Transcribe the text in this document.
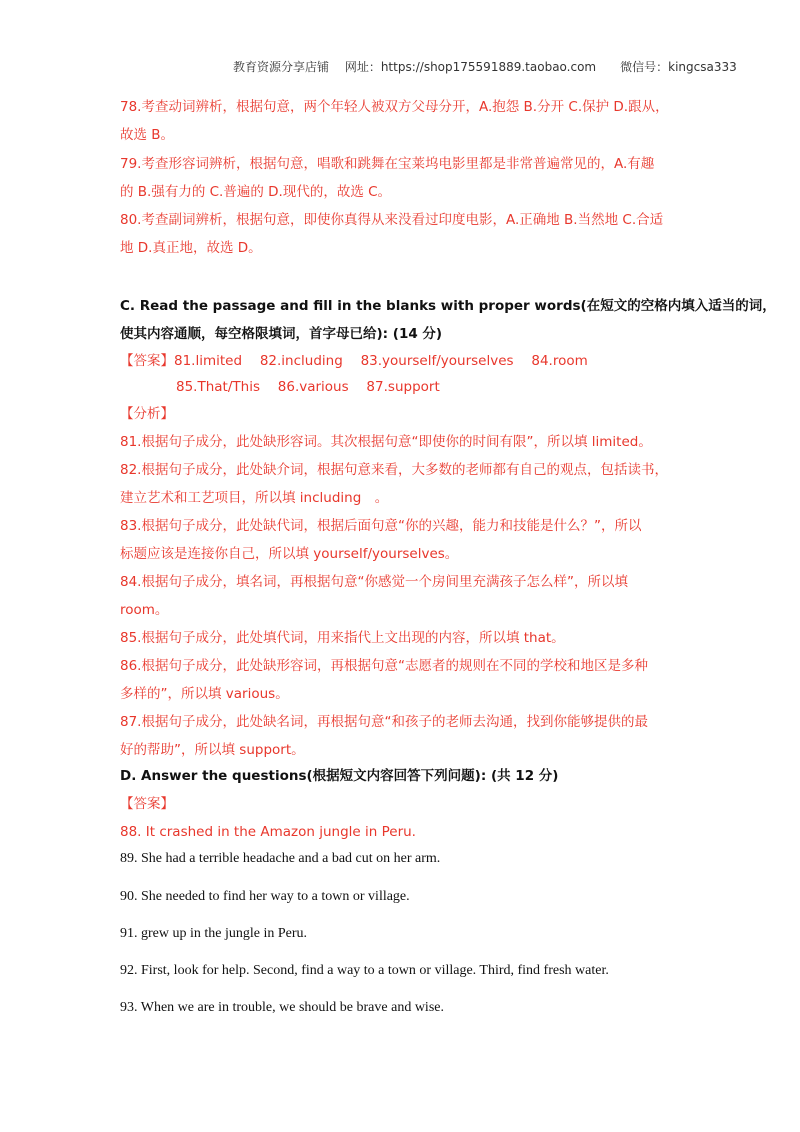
教育资源分享店铺　 网址：https://shop175591889.taobao.com　　微信号：kingcsa333
78.考查动词辨析，根据句意，两个年轻人被双方父母分开，A.抱怨 B.分开 C.保护 D.跟从，
故选 B。
79.考查形容词辨析，根据句意，唱歌和跳舞在宝莱坞电影里都是非常普遍常见的，A.有趣
的 B.强有力的 C.普遍的 D.现代的，故选 C。
80.考查副词辨析，根据句意，即使你真得从来没看过印度电影，A.正确地 B.当然地 C.合适
地 D.真正地，故选 D。
C. Read the passage and fill in the blanks with proper words(在短文的空格内填入适当的词，
使其内容通顺，每空格限填词，首字母已给): (14 分)
【答案】81.limited　 82.including　 83.yourself/yourselves　 84.room
85.That/This　 86.various　 87.support
【分析】
81.根据句子成分，此处缺形容词。其次根据句意“即使你的时间有限”，所以填 limited。
82.根据句子成分，此处缺介词，根据句意来看，大多数的老师都有自己的观点，包括读书，
建立艺术和工艺项目，所以填 including　。
83.根据句子成分，此处缺代词，根据后面句意“你的兴趣，能力和技能是什么？”，所以
标题应该是连接你自己，所以填 yourself/yourselves。
84.根据句子成分，填名词，再根据句意“你感觉一个房间里充满孩子怎么样”，所以填
room。
85.根据句子成分，此处填代词，用来指代上文出现的内容，所以填 that。
86.根据句子成分，此处缺形容词，再根据句意“志愿者的规则在不同的学校和地区是多种
多样的”，所以填 various。
87.根据句子成分，此处缺名词，再根据句意“和孩子的老师去沟通，找到你能够提供的最
好的帮助”，所以填 support。
D. Answer the questions(根据短文内容回答下列问题): (共 12 分)
【答案】
88. It crashed in the Amazon jungle in Peru.
89. She had a terrible headache and a bad cut on her arm.
90. She needed to find her way to a town or village.
91. grew up in the jungle in Peru.
92. First, look for help. Second, find a way to a town or village. Third, find fresh water.
93. When we are in trouble, we should be brave and wise.
